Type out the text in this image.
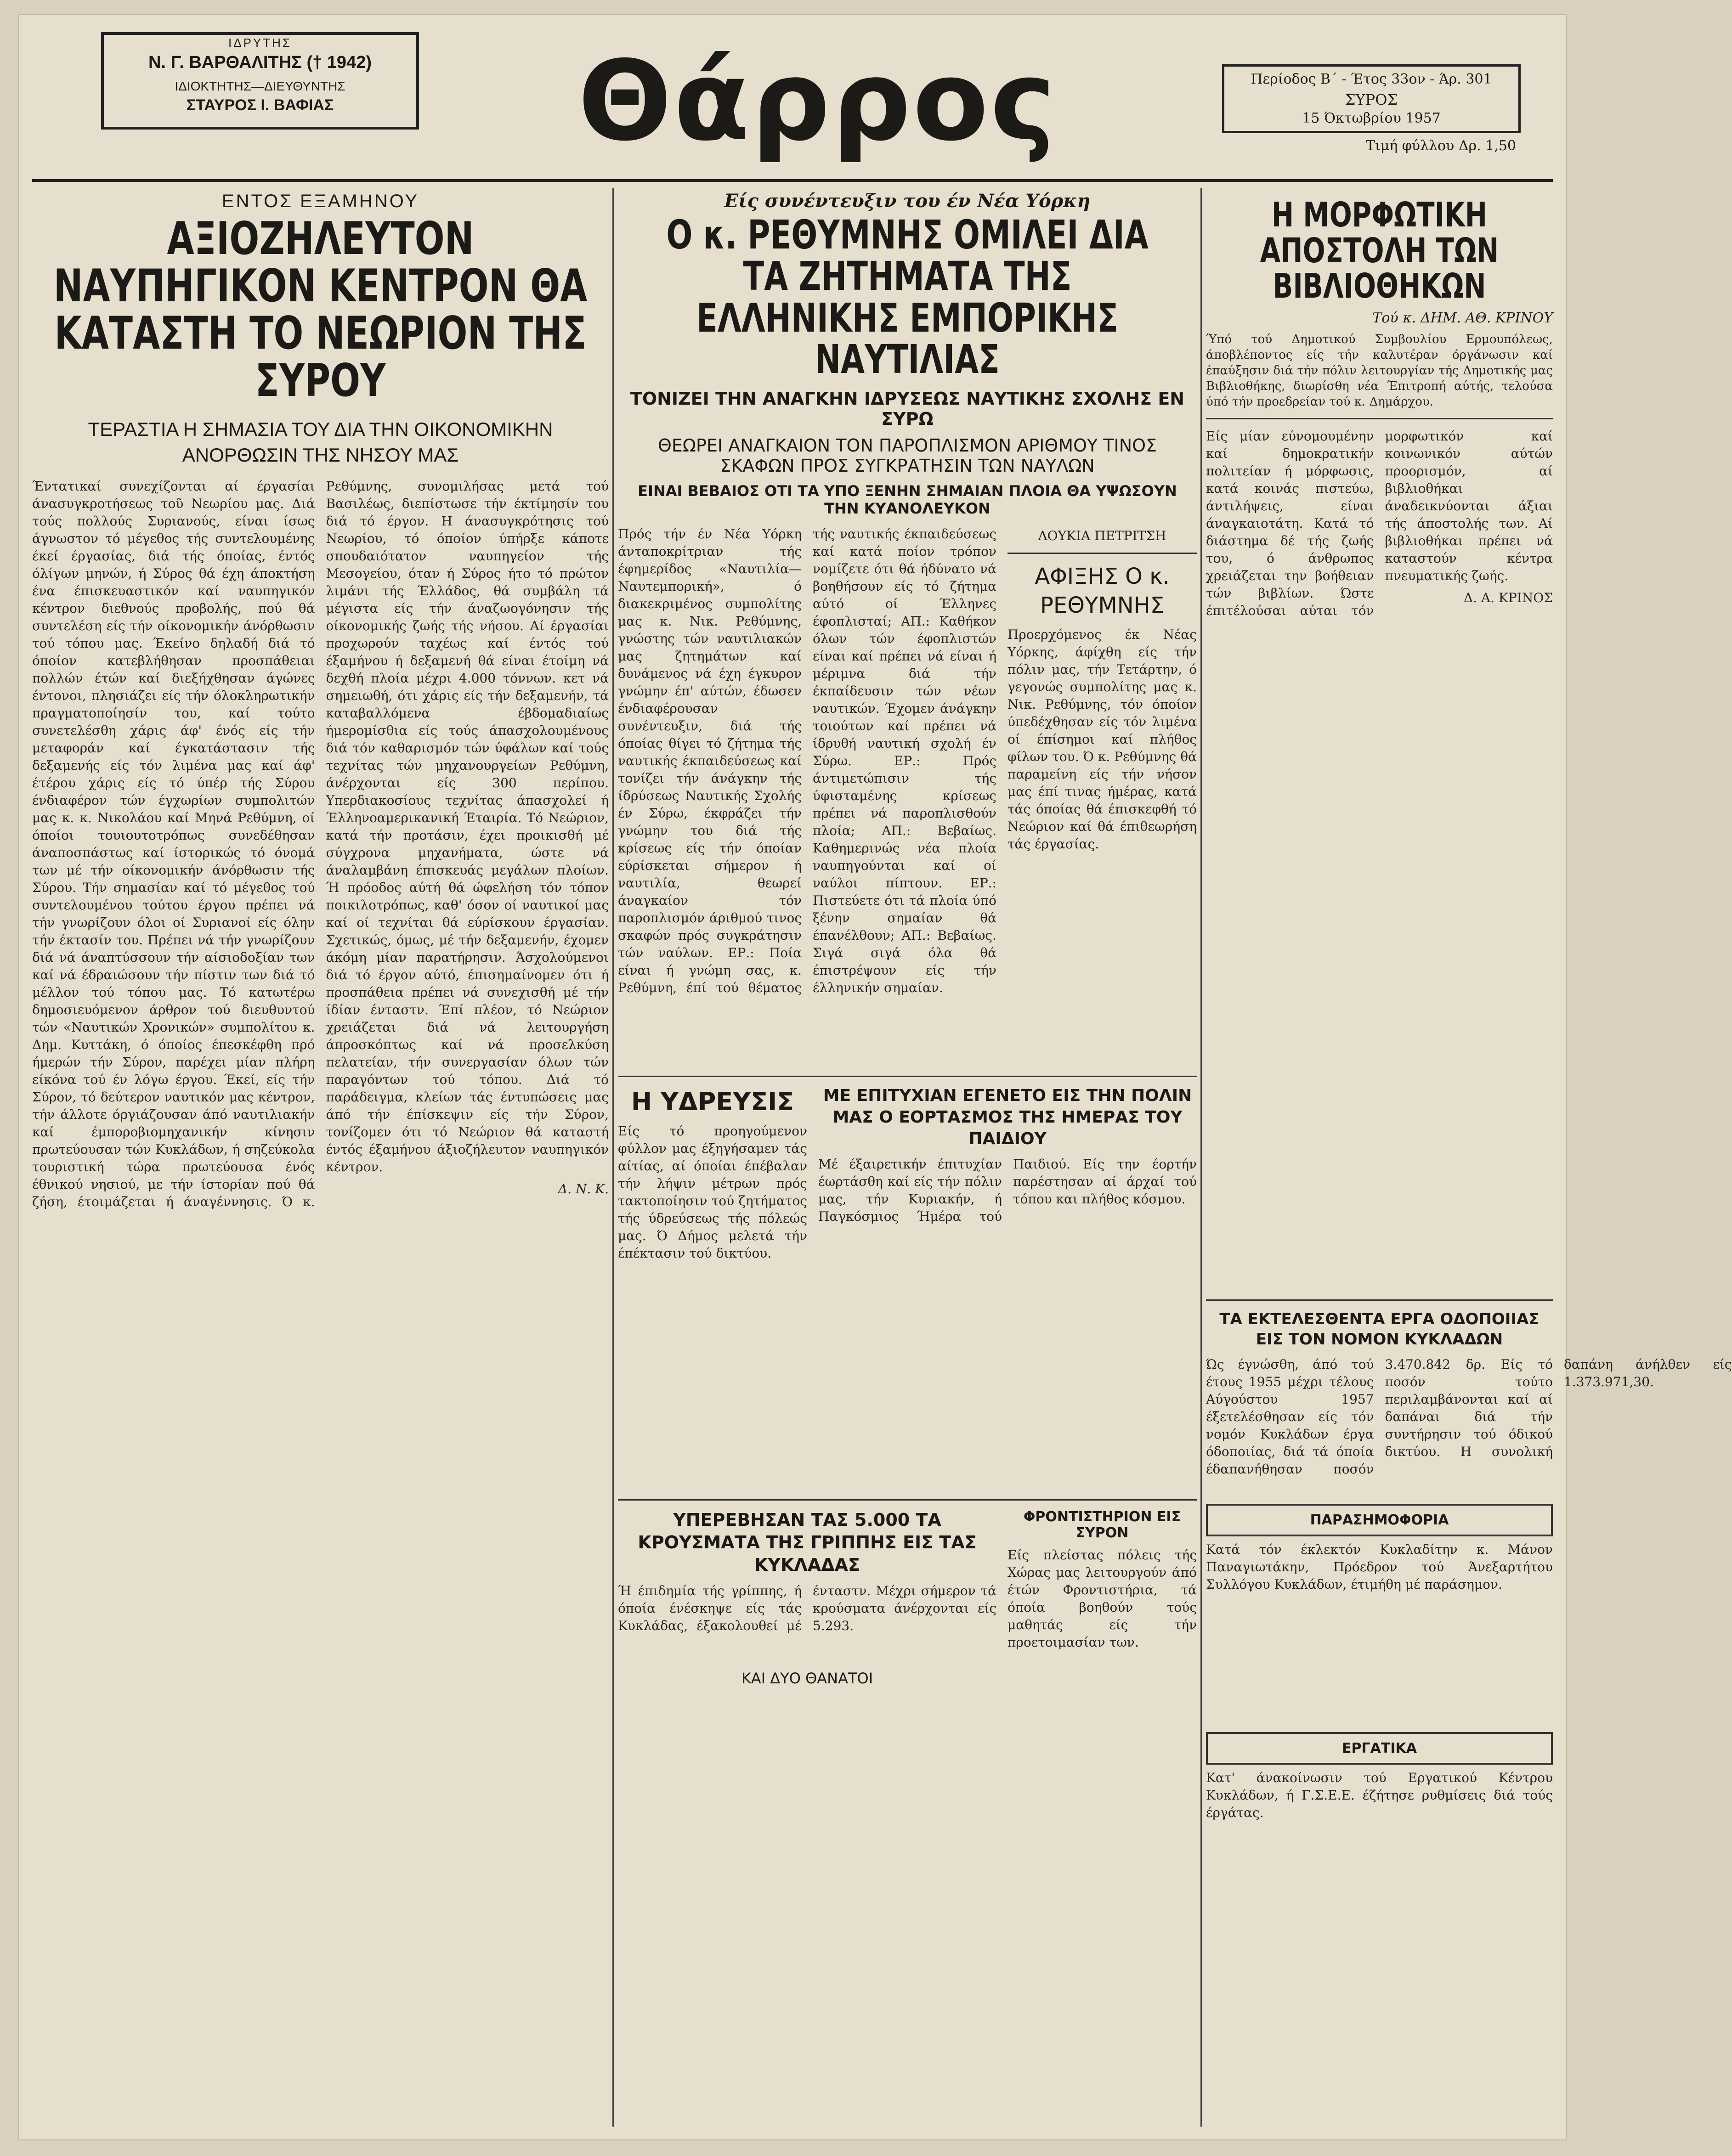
ΙΔΡΥΤΗΣ
Ν. Γ. ΒΑΡΘΑΛΙΤΗΣ († 1942)
ΙΔΙΟΚΤΗΤΗΣ—ΔΙΕΥΘΥΝΤΗΣ
ΣΤΑΥΡΟΣ Ι. ΒΑΦΙΑΣ	Θάρρος	Περίοδος Β΄ - Έτος 33ον - Άρ. 301
ΣΥΡΟΣ
15 Όκτωβρίου 1957
Τιμή φύλλου Δρ. 1,50
ΕΝΤΟΣ ΕΞΑΜΗΝΟΥ
ΑΞΙΟΖΗΛΕΥΤΟΝ ΝΑΥΠΗΓΙΚΟΝ ΚΕΝΤΡΟΝ ΘΑ ΚΑΤΑΣΤΗ ΤΟ ΝΕΩΡΙΟΝ ΤΗΣ ΣΥΡΟΥ
ΤΕΡΑΣΤΙΑ Η ΣΗΜΑΣΙΑ ΤΟΥ ΔΙΑ ΤΗΝ ΟΙΚΟΝΟΜΙΚΗΝ ΑΝΟΡΘΩΣΙΝ ΤΗΣ ΝΗΣΟΥ ΜΑΣ
Έντατικαί συνεχίζονται αί έργασίαι άνασυγκροτήσεως τοῦ Νεωρίου μας. Διά τούς πολλούς Συριανούς, είναι ίσως άγνωστον τό μέγεθος τής συντελουμένης έκεί έργασίας, διά τής όποίας, έντός όλίγων μηνών, ή Σύρος θά έχη άποκτήση ένα έπισκευαστικόν καί ναυπηγικόν κέντρον διεθνούς προβολής, πού θά συντελέση είς τήν οίκονομικήν άνόρθωσιν τού τόπου μας. Έκείνο δηλαδή διά τό όποίον κατεβλήθησαν προσπάθειαι πολλών έτών καί διεξήχθησαν άγώνες έντονοι, πλησιάζει είς τήν όλοκληρωτικήν πραγματοποίησίν του, καί τούτο συνετελέσθη χάρις άφ' ένός είς τήν μεταφοράν καί έγκατάστασιν τής δεξαμενής είς τόν λιμένα μας καί άφ' έτέρου χάρις είς τό ύπέρ τής Σύρου ένδιαφέρον τών έγχωρίων συμπολιτών μας κ. κ. Νικολάου καί Μηνά Ρεθύμνη, οί όποίοι τουιουτοτρόπως συνεδέθησαν άναποσπάστως καί ίστορικώς τό όνομά των μέ τήν οίκονομικήν άνόρθωσιν τής Σύρου. Τήν σημασίαν καί τό μέγεθος τού συντελουμένου τούτου έργου πρέπει νά τήν γνωρίζουν όλοι οί Συριανοί είς όλην τήν έκτασίν του. Πρέπει νά τήν γνωρίζουν διά νά άναπτύσσουν τήν αίσιοδοξίαν των καί νά έδραιώσουν τήν πίστιν των διά τό μέλλον τού τόπου μας. Τό κατωτέρω δημοσιευόμενον άρθρον τού διευθυντού τών «Ναυτικών Χρονικών» συμπολίτου κ. Δημ. Κυττάκη, ό όποίος έπεσκέφθη πρό ήμερών τήν Σύρον, παρέχει μίαν πλήρη είκόνα τού έν λόγω έργου. Έκεί, είς τήν Σύρον, τό δεύτερον ναυτικόν μας κέντρον, τήν άλλοτε όργιάζουσαν άπό ναυτιλιακήν καί έμποροβιομηχανικήν κίνησιν πρωτεύουσαν τών Κυκλάδων, ή σηζεύκολα τουριστική τώρα πρωτεύουσα ένός έθνικού νησιού, με τήν ίστορίαν πού θά ζήση, έτοιμάζεται ή άναγέννησις. Ό κ. Ρεθύμνης, συνομιλήσας μετά τού Βασιλέως, διεπίστωσε τήν έκτίμησίν του διά τό έργον. Η άνασυγκρότησις τού Νεωρίου, τό όποίον ύπήρξε κάποτε σπουδαιότατον ναυπηγείον τής Μεσογείου, όταν ή Σύρος ήτο τό πρώτον λιμάνι τής Έλλάδος, θά συμβάλη τά μέγιστα είς τήν άναζωογόνησιν τής οίκονομικής ζωής τής νήσου. Αί έργασίαι προχωρούν ταχέως καί έντός τού έξαμήνου ή δεξαμενή θά είναι έτοίμη νά δεχθή πλοία μέχρι 4.000 τόννων. κετ νά σημειωθή, ότι χάρις είς τήν δεξαμενήν, τά καταβαλλόμενα έβδομαδιαίως ήμερομίσθια είς τούς άπασχολουμένους διά τόν καθαρισμόν τών ύφάλων καί τούς τεχνίτας τών μηχανουργείων Ρεθύμνη, άνέρχονται είς 300 περίπου. Υπερδιακοσίους τεχνίτας άπασχολεί ή Έλληνοαμερικανική Έταιρία. Τό Νεώριον, κατά τήν προτάσιν, έχει προικισθή μέ σύγχρονα μηχανήματα, ώστε νά άναλαμβάνη έπισκευάς μεγάλων πλοίων. Ή πρόοδος αύτή θά ώφελήση τόν τόπον ποικιλοτρόπως, καθ' όσον οί ναυτικοί μας καί οί τεχνίται θά εύρίσκουν έργασίαν. Σχετικώς, όμως, μέ τήν δεξαμενήν, έχομεν άκόμη μίαν παρατήρησιν. Άσχολούμενοι διά τό έργον αύτό, έπισημαίνομεν ότι ή προσπάθεια πρέπει νά συνεχισθή μέ τήν ίδίαν ένταστν. Έπί πλέον, τό Νεώριον χρειάζεται διά νά λειτουργήση άπροσκόπτως καί νά προσελκύση πελατείαν, τήν συνεργασίαν όλων τών παραγόντων τού τόπου. Διά τό παράδειγμα, κλείων τάς έντυπώσεις μας άπό τήν έπίσκεψιν είς τήν Σύρον, τονίζομεν ότι τό Νεώριον θά καταστή έντός έξαμήνου άξιοζήλευτον ναυπηγικόν κέντρον.
Δ. Ν. Κ.
Είς συνέντευξιν του έν Νέα Υόρκη
Ο κ. ΡΕΘΥΜΝΗΣ ΟΜΙΛΕΙ ΔΙΑ ΤΑ ΖΗΤΗΜΑΤΑ ΤΗΣ ΕΛΛΗΝΙΚΗΣ ΕΜΠΟΡΙΚΗΣ ΝΑΥΤΙΛΙΑΣ
ΤΟΝΙΖΕΙ ΤΗΝ ΑΝΑΓΚΗΝ ΙΔΡΥΣΕΩΣ ΝΑΥΤΙΚΗΣ ΣΧΟΛΗΣ ΕΝ ΣΥΡΩ
ΘΕΩΡΕΙ ΑΝΑΓΚΑΙΟΝ ΤΟΝ ΠΑΡΟΠΛΙΣΜΟΝ ΑΡΙΘΜΟΥ ΤΙΝΟΣ ΣΚΑΦΩΝ ΠΡΟΣ ΣΥΓΚΡΑΤΗΣΙΝ ΤΩΝ ΝΑΥΛΩΝ
ΕΙΝΑΙ ΒΕΒΑΙΟΣ ΟΤΙ ΤΑ ΥΠΟ ΞΕΝΗΝ ΣΗΜΑΙΑΝ ΠΛΟΙΑ ΘΑ ΥΨΩΣΟΥΝ ΤΗΝ ΚΥΑΝΟΛΕΥΚΟΝ
Πρός τήν έν Νέα Υόρκη άνταποκρίτριαν τής έφημερίδος «Ναυτιλία—Ναυτεμπορική», ό διακεκριμένος συμπολίτης μας κ. Νικ. Ρεθύμνης, γνώστης τών ναυτιλιακών μας ζητημάτων καί δυνάμενος νά έχη έγκυρον γνώμην έπ' αύτών, έδωσεν ένδιαφέρουσαν συνέντευξιν, διά τής όποίας θίγει τό ζήτημα τής ναυτικής έκπαιδεύσεως καί τονίζει τήν άνάγκην τής ίδρύσεως Ναυτικής Σχολής έν Σύρω, έκφράζει τήν γνώμην του διά τής κρίσεως είς τήν όποίαν εύρίσκεται σήμερον ή ναυτιλία, θεωρεί άναγκαίον τόν παροπλισμόν άριθμού τινος σκαφών πρός συγκράτησιν τών ναύλων. ΕΡ.: Ποία είναι ή γνώμη σας, κ. Ρεθύμνη, έπί τού θέματος τής ναυτικής έκπαιδεύσεως καί κατά ποίον τρόπον νομίζετε ότι θά ήδύνατο νά βοηθήσουν είς τό ζήτημα αύτό οί Έλληνες έφοπλισταί; ΑΠ.: Καθήκον όλων τών έφοπλιστών είναι καί πρέπει νά είναι ή μέριμνα διά τήν έκπαίδευσιν τών νέων ναυτικών. Έχομεν άνάγκην τοιούτων καί πρέπει νά ίδρυθή ναυτική σχολή έν Σύρω. ΕΡ.: Πρός άντιμετώπισιν τής ύφισταμένης κρίσεως πρέπει νά παροπλισθούν πλοία; ΑΠ.: Βεβαίως. Καθημερινώς νέα πλοία ναυπηγούνται καί οί ναύλοι πίπτουν. ΕΡ.: Πιστεύετε ότι τά πλοία ύπό ξένην σημαίαν θά έπανέλθουν; ΑΠ.: Βεβαίως. Σιγά σιγά όλα θά έπιστρέψουν είς τήν έλληνικήν σημαίαν.
ΛΟΥΚΙΑ ΠΕΤΡΙΤΣΗ
ΑΦΙΞΗΣ Ο κ. ΡΕΘΥΜΝΗΣ
Προερχόμενος έκ Νέας Υόρκης, άφίχθη είς τήν πόλιν μας, τήν Τετάρτην, ό γεγονώς συμπολίτης μας κ. Νικ. Ρεθύμνης, τόν όποίον ύπεδέχθησαν είς τόν λιμένα οί έπίσημοι καί πλήθος φίλων του. Ό κ. Ρεθύμνης θά παραμείνη είς τήν νήσον μας έπί τινας ήμέρας, κατά τάς όποίας θά έπισκεφθή τό Νεώριον καί θά έπιθεωρήση τάς έργασίας.
Η ΥΔΡΕΥΣΙΣ
Είς τό προηγούμενον φύλλον μας έξηγήσαμεν τάς αίτίας, αί όποίαι έπέβαλαν τήν λήψιν μέτρων πρός τακτοποίησιν τού ζητήματος τής ύδρεύσεως τής πόλεώς μας. Ό Δήμος μελετά τήν έπέκτασιν τού δικτύου.
ΜΕ ΕΠΙΤΥΧΙΑΝ ΕΓΕΝΕΤΟ ΕΙΣ ΤΗΝ ΠΟΛΙΝ ΜΑΣ Ο ΕΟΡΤΑΣΜΟΣ ΤΗΣ ΗΜΕΡΑΣ ΤΟΥ ΠΑΙΔΙΟΥ
Μέ έξαιρετικήν έπιτυχίαν έωρτάσθη καί είς τήν πόλιν μας, τήν Κυριακήν, ή Παγκόσμιος Ήμέρα τού Παιδιού. Είς την έορτήν παρέστησαν αί άρχαί τού τόπου και πλήθος κόσμου.
ΥΠΕΡΕΒΗΣΑΝ ΤΑΣ 5.000 ΤΑ ΚΡΟΥΣΜΑΤΑ ΤΗΣ ΓΡΙΠΠΗΣ ΕΙΣ ΤΑΣ ΚΥΚΛΑΔΑΣ
Ή έπιδημία τής γρίππης, ή όποία ένέσκηψε είς τάς Κυκλάδας, έξακολουθεί μέ ένταστν. Μέχρι σήμερον τά κρούσματα άνέρχονται είς 5.293.
ΚΑΙ ΔΥΟ ΘΑΝΑΤΟΙ
ΦΡΟΝΤΙΣΤΗΡΙΟΝ ΕΙΣ ΣΥΡΟΝ
Είς πλείστας πόλεις τής Χώρας μας λειτουργούν άπό έτών Φροντιστήρια, τά όποία βοηθούν τούς μαθητάς είς τήν προετοιμασίαν των.
Η ΜΟΡΦΩΤΙΚΗ ΑΠΟΣΤΟΛΗ ΤΩΝ ΒΙΒΛΙΟΘΗΚΩΝ
Τού κ. ΔΗΜ. ΑΘ. ΚΡΙΝΟΥ
Ύπό τού Δημοτικού Συμβουλίου Ερμουπόλεως, άποβλέποντος είς τήν καλυτέραν όργάνωσιν καί έπαύξησιν διά τήν πόλιν λειτουργίαν τής Δημοτικής μας Βιβλιοθήκης, διωρίσθη νέα Έπιτροπή αύτής, τελούσα ύπό τήν προεδρείαν τού κ. Δημάρχου.
Είς μίαν εύνομουμένην καί δημοκρατικήν πολιτείαν ή μόρφωσις, κατά κοινάς πιστεύω, άντιλήψεις, είναι άναγκαιοτάτη. Κατά τό διάστημα δέ τής ζωής του, ό άνθρωπος χρειάζεται την βοήθειαν τών βιβλίων. Ώστε έπιτέλούσαι αύται τόν μορφωτικόν καί κοινωνικόν αύτών προορισμόν, αί βιβλιοθήκαι άναδεικνύονται άξιαι τής άποστολής των. Αί βιβλιοθήκαι πρέπει νά καταστούν κέντρα πνευματικής ζωής.
Δ. Α. ΚΡΙΝΟΣ
ΤΑ ΕΚΤΕΛΕΣΘΕΝΤΑ ΕΡΓΑ ΟΔΟΠΟΙΙΑΣ ΕΙΣ ΤΟΝ ΝΟΜΟΝ ΚΥΚΛΑΔΩΝ
Ώς έγνώσθη, άπό τού έτους 1955 μέχρι τέλους Αύγούστου 1957 έξετελέσθησαν είς τόν νομόν Κυκλάδων έργα όδοποιίας, διά τά όποία έδαπανήθησαν ποσόν 3.470.842 δρ. Είς τό ποσόν τούτο περιλαμβάνονται καί αί δαπάναι διά τήν συντήρησιν τού όδικού δικτύου. Η συνολική δαπάνη άνήλθεν είς 1.373.971,30.
ΠΑΡΑΣΗΜΟΦΟΡΙΑ
Κατά τόν έκλεκτόν Κυκλαδίτην κ. Μάνον Παναγιωτάκην, Πρόεδρον τού Άνεξαρτήτου Συλλόγου Κυκλάδων, έτιμήθη μέ παράσημον.
ΕΡΓΑΤΙΚΑ
Κατ' άνακοίνωσιν τού Εργατικού Κέντρου Κυκλάδων, ή Γ.Σ.Ε.Ε. έζήτησε ρυθμίσεις διά τούς έργάτας.
